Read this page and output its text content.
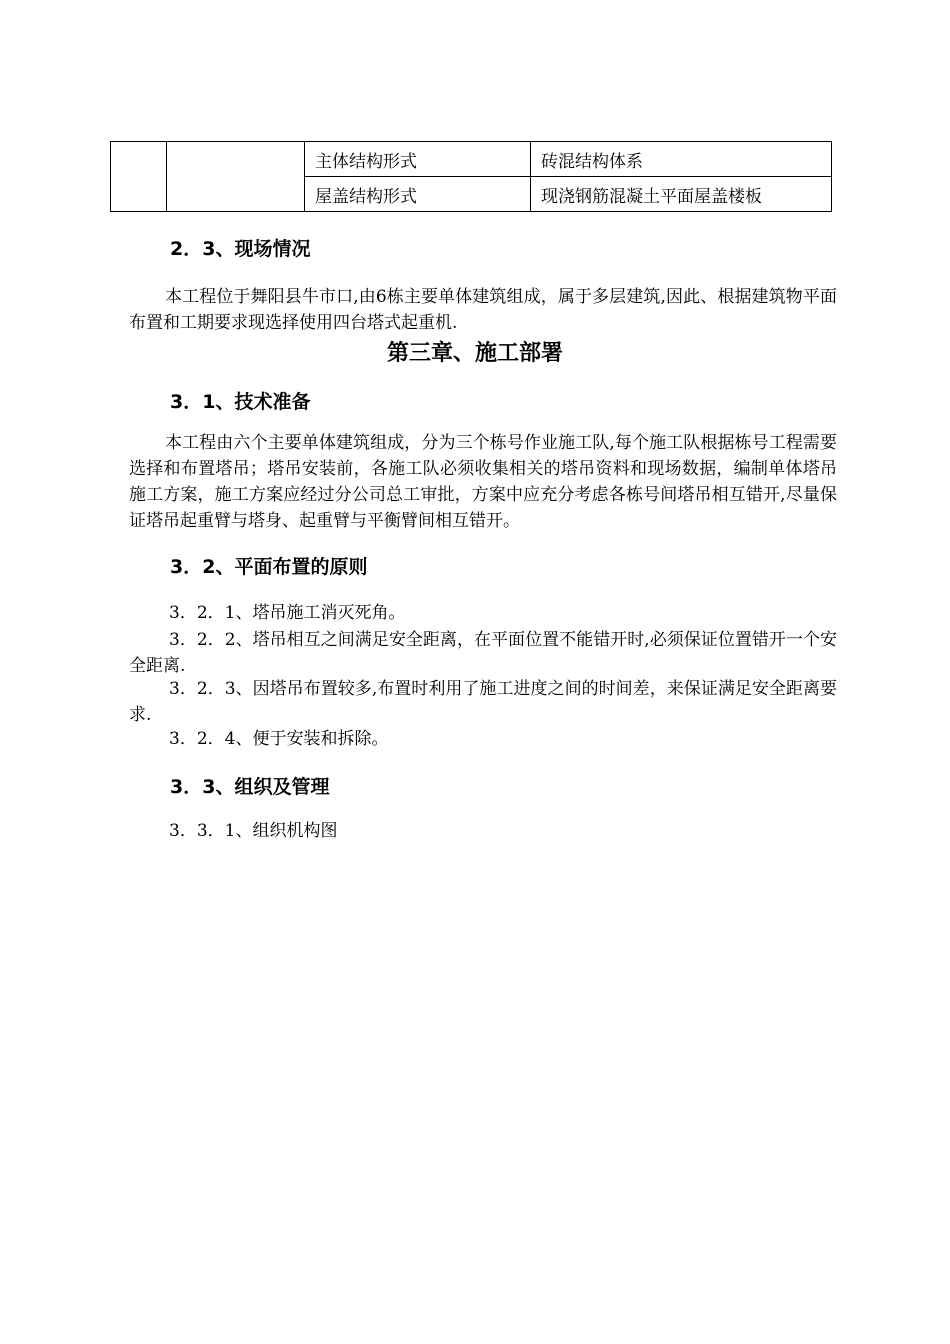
		主体结构形式	砖混结构体系
		屋盖结构形式	现浇钢筋混凝土平面屋盖楼板
2．3、现场情况
本工程位于舞阳县牛市口,由6栋主要单体建筑组成，属于多层建筑,因此、根据建筑物平面布置和工期要求现选择使用四台塔式起重机.
第三章、施工部署
3．1、技术准备
本工程由六个主要单体建筑组成，分为三个栋号作业施工队,每个施工队根据栋号工程需要选择和布置塔吊；塔吊安装前，各施工队必须收集相关的塔吊资料和现场数据，编制单体塔吊施工方案，施工方案应经过分公司总工审批，方案中应充分考虑各栋号间塔吊相互错开,尽量保证塔吊起重臂与塔身、起重臂与平衡臂间相互错开。
3．2、平面布置的原则
3．2．1、塔吊施工消灭死角。
3．2．2、塔吊相互之间满足安全距离，在平面位置不能错开时,必须保证位置错开一个安全距离.
3．2．3、因塔吊布置较多,布置时利用了施工进度之间的时间差，来保证满足安全距离要求.
3．2．4、便于安装和拆除。
3．3、组织及管理
3．3．1、组织机构图
